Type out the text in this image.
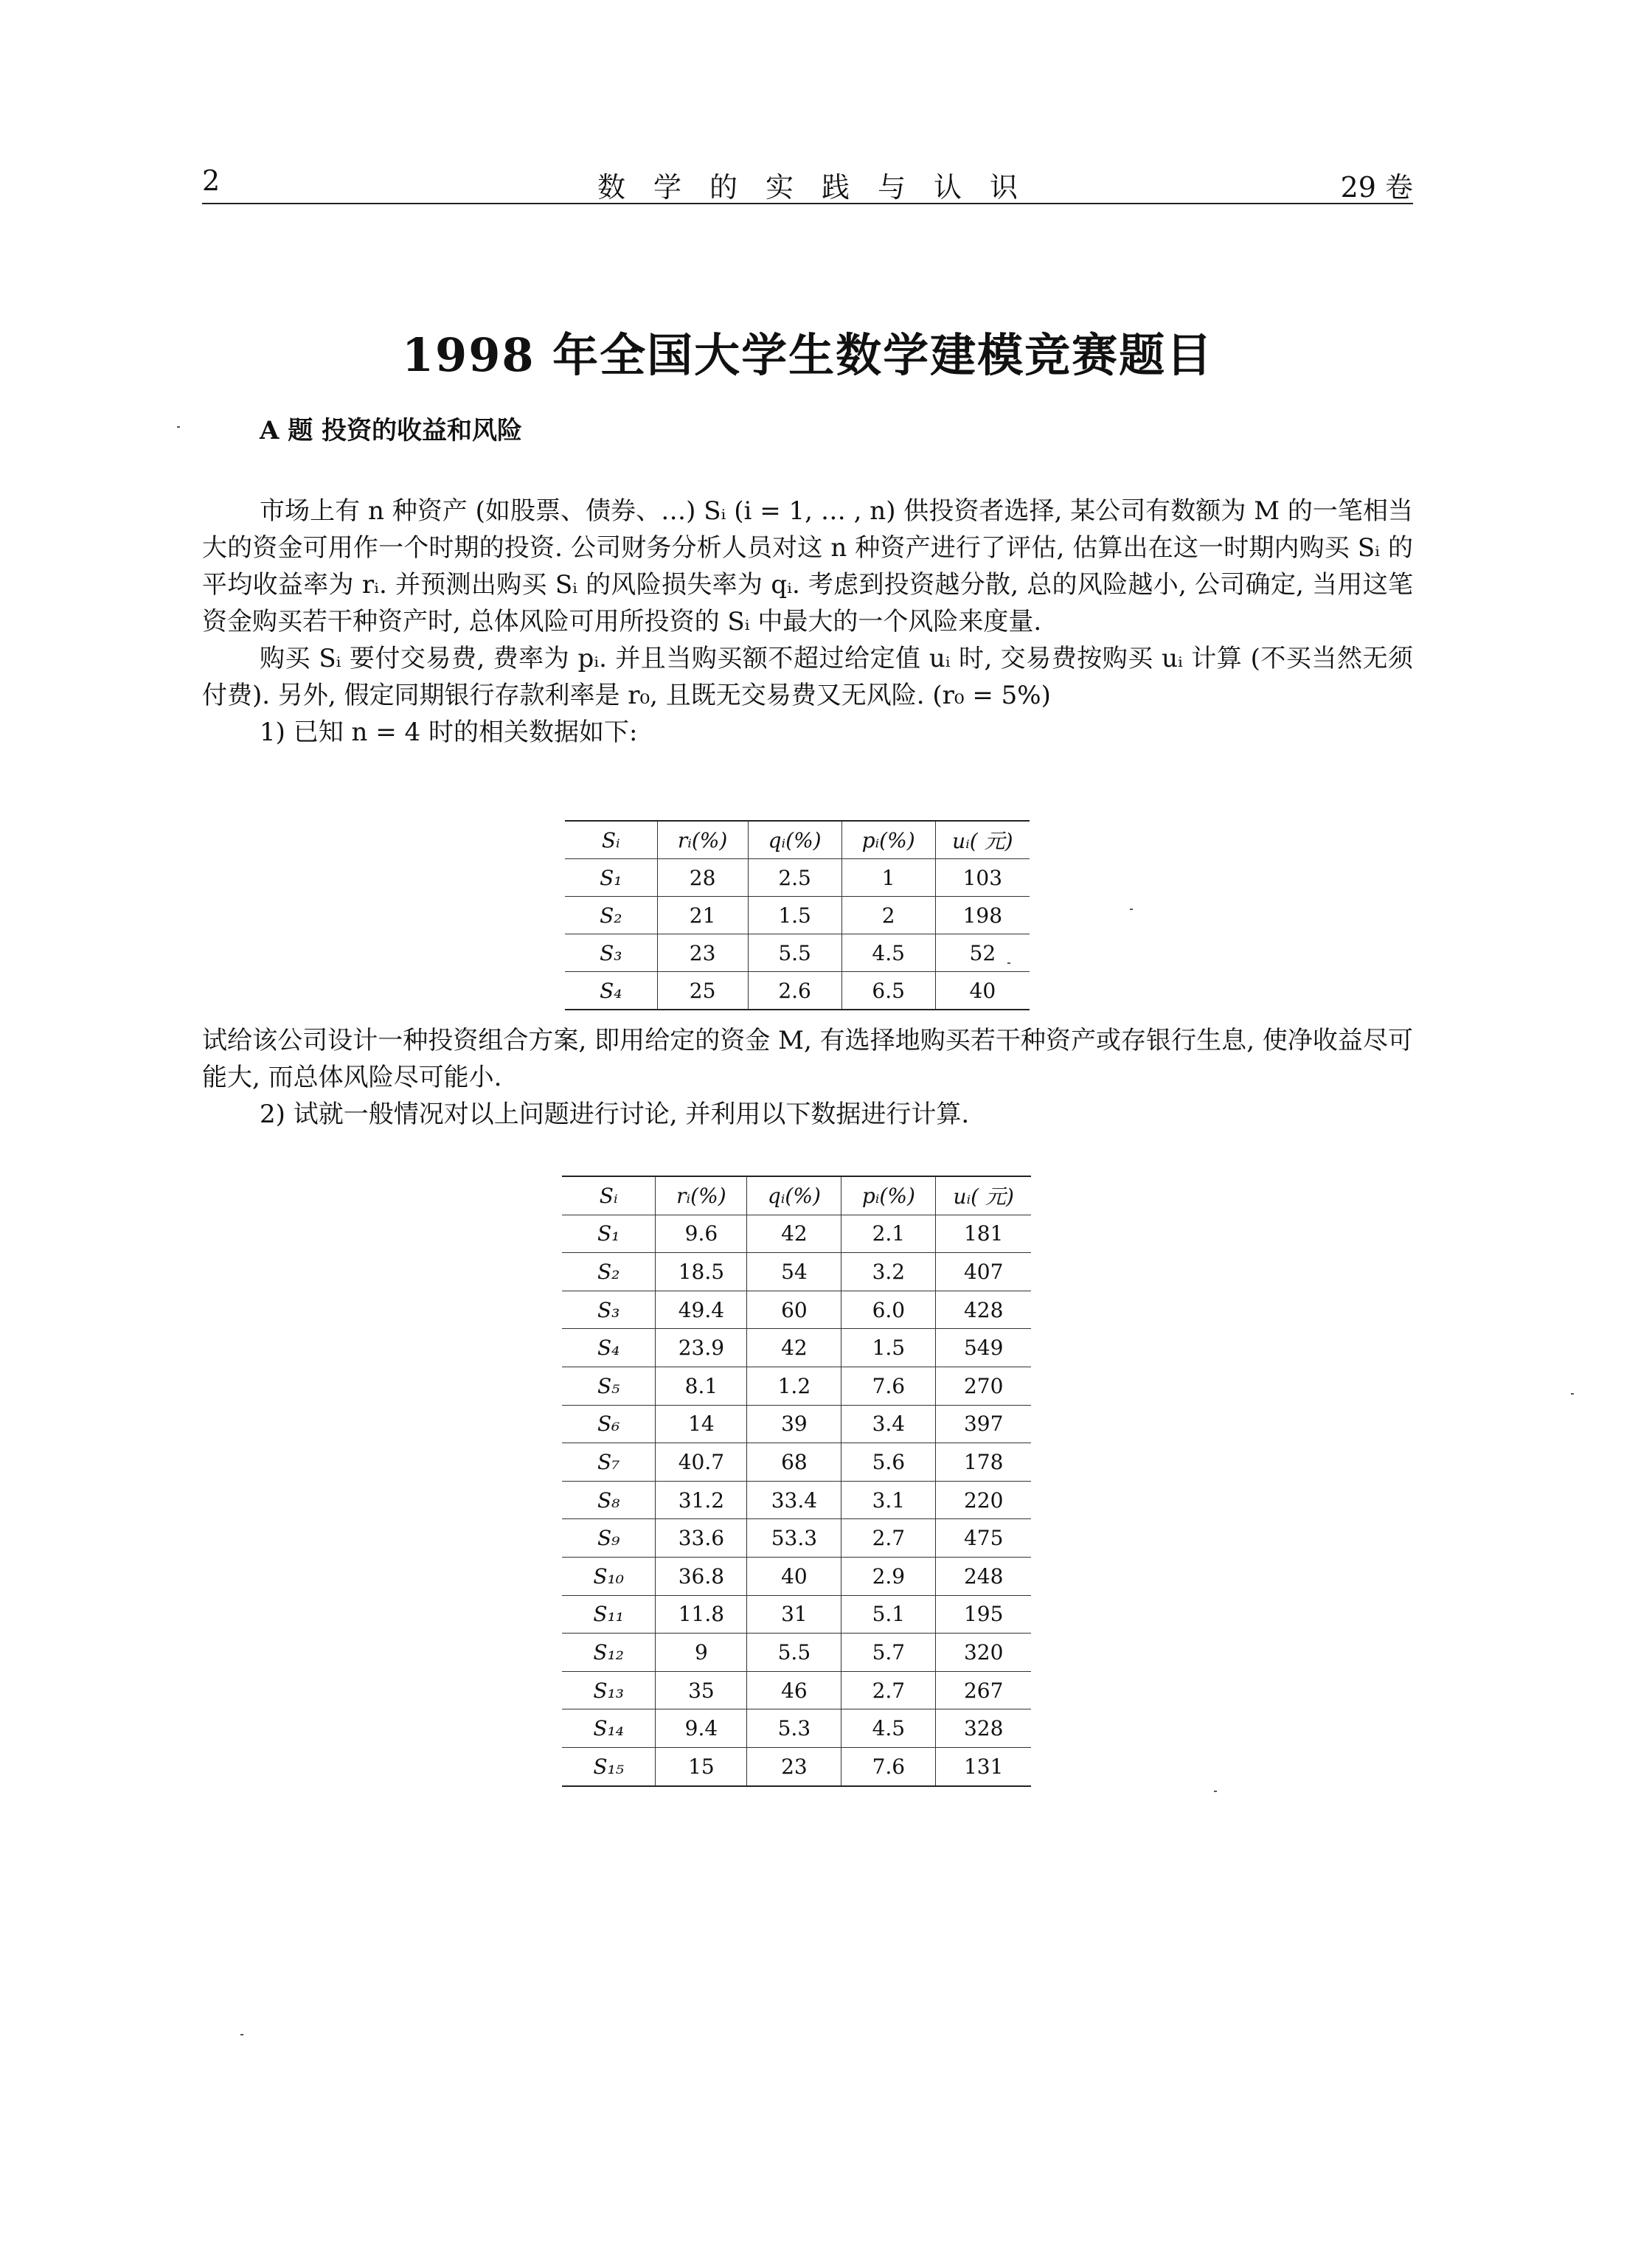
2	数学的实践与认识	29 卷
1998 年全国大学生数学建模竞赛题目
A 题 投资的收益和风险

市场上有 n 种资产 (如股票、债券、…) Sᵢ (i = 1, … , n) 供投资者选择, 某公司有数额为 M 的一笔相当大的资金可用作一个时期的投资. 公司财务分析人员对这 n 种资产进行了评估, 估算出在这一时期内购买 Sᵢ 的平均收益率为 rᵢ. 并预测出购买 Sᵢ 的风险损失率为 qᵢ. 考虑到投资越分散, 总的风险越小, 公司确定, 当用这笔资金购买若干种资产时, 总体风险可用所投资的 Sᵢ 中最大的一个风险来度量.

购买 Sᵢ 要付交易费, 费率为 pᵢ. 并且当购买额不超过给定值 uᵢ 时, 交易费按购买 uᵢ 计算 (不买当然无须付费). 另外, 假定同期银行存款利率是 r₀, 且既无交易费又无风险. (r₀ = 5%)

1) 已知 n = 4 时的相关数据如下:

Sᵢ	rᵢ(%)	qᵢ(%)	pᵢ(%)	uᵢ( 元)
S₁	28	2.5	1	103
S₂	21	1.5	2	198
S₃	23	5.5	4.5	52
S₄	25	2.6	6.5	40

试给该公司设计一种投资组合方案, 即用给定的资金 M, 有选择地购买若干种资产或存银行生息, 使净收益尽可能大, 而总体风险尽可能小.

2) 试就一般情况对以上问题进行讨论, 并利用以下数据进行计算.

Sᵢ	rᵢ(%)	qᵢ(%)	pᵢ(%)	uᵢ( 元)
S₁	9.6	42	2.1	181
S₂	18.5	54	3.2	407
S₃	49.4	60	6.0	428
S₄	23.9	42	1.5	549
S₅	8.1	1.2	7.6	270
S₆	14	39	3.4	397
S₇	40.7	68	5.6	178
S₈	31.2	33.4	3.1	220
S₉	33.6	53.3	2.7	475
S₁₀	36.8	40	2.9	248
S₁₁	11.8	31	5.1	195
S₁₂	9	5.5	5.7	320
S₁₃	35	46	2.7	267
S₁₄	9.4	5.3	4.5	328
S₁₅	15	23	7.6	131
